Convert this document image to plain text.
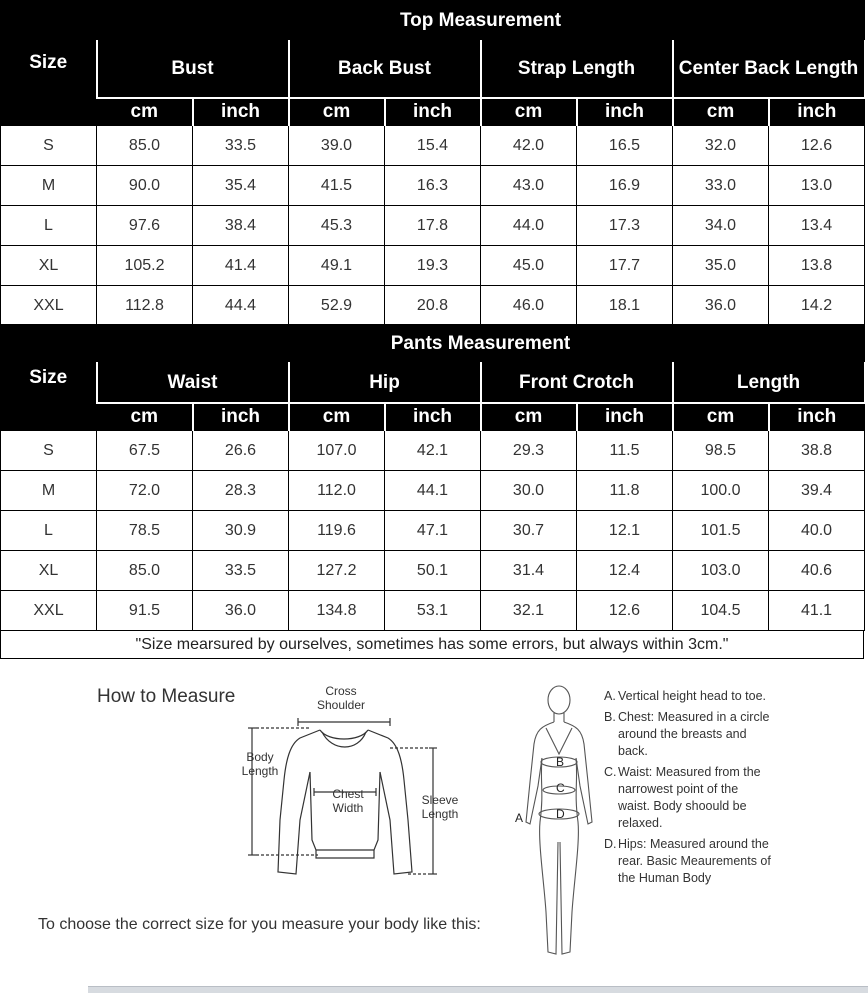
Size	Top Measurement							
	Bust		Back Bust		Strap Length		Center Back Length	
	cm	inch	cm	inch	cm	inch	cm	inch
S	85.0	33.5	39.0	15.4	42.0	16.5	32.0	12.6
M	90.0	35.4	41.5	16.3	43.0	16.9	33.0	13.0
L	97.6	38.4	45.3	17.8	44.0	17.3	34.0	13.4
XL	105.2	41.4	49.1	19.3	45.0	17.7	35.0	13.8
XXL	112.8	44.4	52.9	20.8	46.0	18.1	36.0	14.2
Size	Pants Measurement							
	Waist		Hip		Front Crotch		Length	
	cm	inch	cm	inch	cm	inch	cm	inch
S	67.5	26.6	107.0	42.1	29.3	11.5	98.5	38.8
M	72.0	28.3	112.0	44.1	30.0	11.8	100.0	39.4
L	78.5	30.9	119.6	47.1	30.7	12.1	101.5	40.0
XL	85.0	33.5	127.2	50.1	31.4	12.4	103.0	40.6
XXL	91.5	36.0	134.8	53.1	32.1	12.6	104.5	41.1
"Size mearsured by ourselves, sometimes has some errors, but always within 3cm."
How to Measure	Cross
Shoulder
Body
Length
Chest
Width
Sleeve
Length
To choose the correct size for you measure your body like this:
B
C
D
A
A. Vertical height head to toe.
B. Chest: Measured in a circle around the breasts and back.
C. Waist: Measured from the narrowest point of the waist. Body shoould be relaxed.
D. Hips: Measured around the rear. Basic Meaurements of the Human Body
